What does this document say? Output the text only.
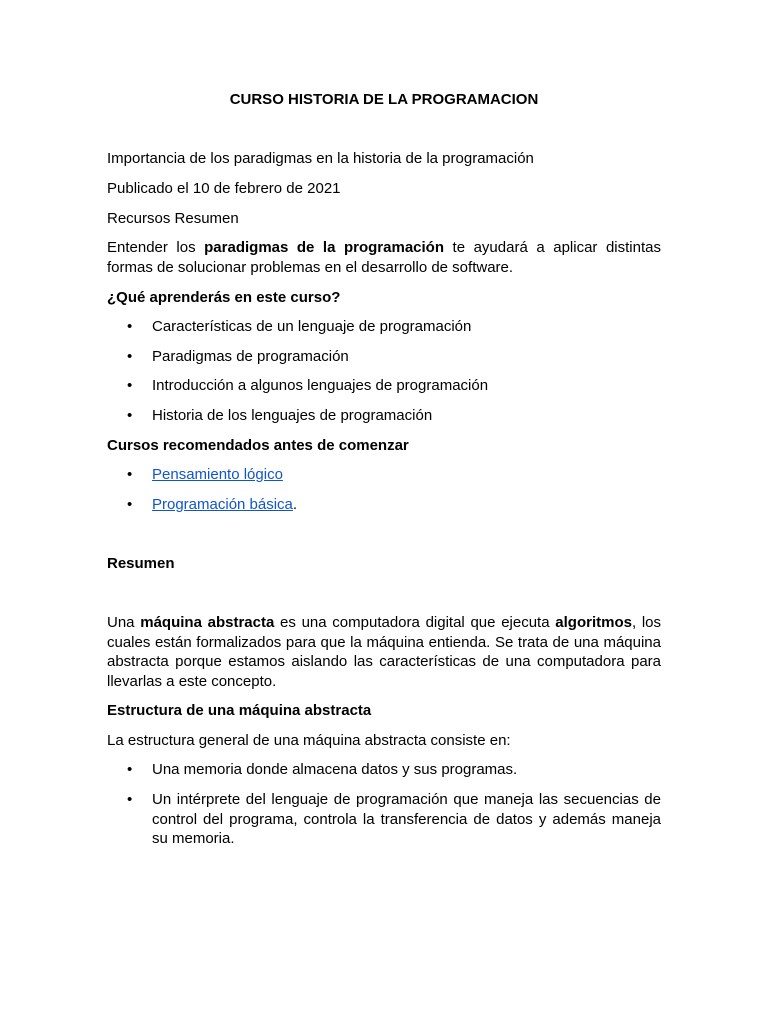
CURSO HISTORIA DE LA PROGRAMACION
Importancia de los paradigmas en la historia de la programación
Publicado el 10 de febrero de 2021
Recursos Resumen
Entender los paradigmas de la programación te ayudará a aplicar distintas formas de solucionar problemas en el desarrollo de software.
¿Qué aprenderás en este curso?
• Características de un lenguaje de programación
• Paradigmas de programación
• Introducción a algunos lenguajes de programación
• Historia de los lenguajes de programación
Cursos recomendados antes de comenzar
• Pensamiento lógico
• Programación básica.
Resumen
Una máquina abstracta es una computadora digital que ejecuta algoritmos, los cuales están formalizados para que la máquina entienda. Se trata de una máquina abstracta porque estamos aislando las características de una computadora para llevarlas a este concepto.
Estructura de una máquina abstracta
La estructura general de una máquina abstracta consiste en:
• Una memoria donde almacena datos y sus programas.
• Un intérprete del lenguaje de programación que maneja las secuencias de control del programa, controla la transferencia de datos y además maneja su memoria.
